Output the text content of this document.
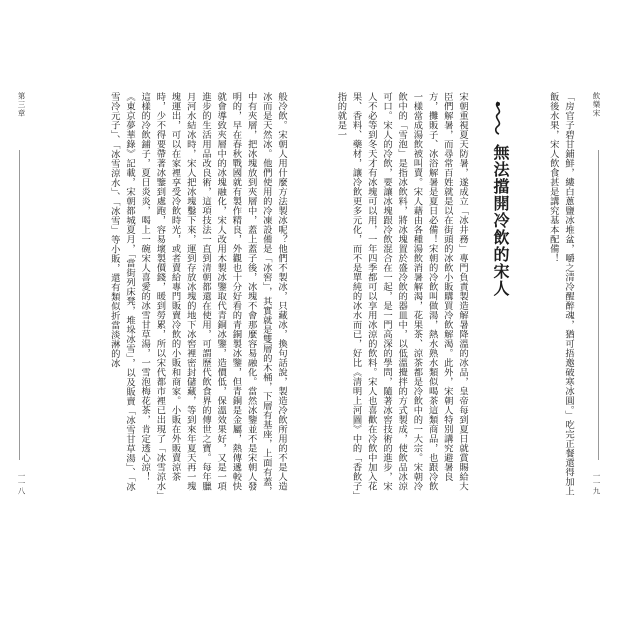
第三章
一一八	般冷飲。宋朝人用什麼方法製冰呢？他們不製冰，只藏冰，換句話說，製造冷飲所用的不是人造冰而是天然冰。他們使用的冷凍設備是「冰窖」，其實就是雙層的木桶，下層有基座，上面有蓋，中有夾層，把冰塊放到夾層中，蓋上蓋子後，冰塊不會那麼容易融化。當然冰鑒並不是宋朝人發明的，早在春秋戰國就有製作精良，外觀也十分好看的青銅製冰鑒，但青銅是金屬，熱傳遞較快就會導致夾層中的冰塊融化，宋人改用木製冰鑒取代青銅冰鑒，造價低，保溫效果好，又是一項進步的生活用品改良術，這項技法一直到清朝都還在使用，可謂歷代飲食界的傳世之寶。每年臘月河水結冰時，宋人把冰塊鑿下來，運到存放冰塊的地下冰窖裡密封儲藏，等到來年夏天再一塊塊運出，可以在家裡享受冷飲時光，或者賣給專門販賣冷飲的小販和商家。小販在外販賣涼茶時，少不得要帶著冰鑒到處跑，容易壞製價錢，暖到勞累，所以宋代都市裡已出現了「冰雪涼水」這樣的冷飲鋪子，夏日炎炎，喝上一碗宋人喜愛的冰雪甘草湯，一雪泡梅花茶，肯定透心涼！《東京夢華錄》記載，宋朝都城夏月，「當街列床凳，堆垛冰雪」，以及販賣「冰雪甘草湯」、「冰雪冷元子」、「冰雪涼水」、「冰雪」等小販，還有類似折當淡淋的冰	飲樂宋
一一九

「房官子碧甘鋪鮮，縷白蔥鹽冰堆盆，嚼之清冷醒醉魂，猶可捂邀破寒冰圓。」吃完正餐還得加上飯後水果，宋人飲食甚是講究基本配備！

無法擋開冷飲的宋人

宋朝重視夏天防暑，遂成立「冰井務」專門負責製造解暑降溫的冰品，皇帝每到夏日就賞賜給大臣們解暑，而尋常百姓就是以在街頭的冰飲小販購買冷飲解渴。此外，宋朝人特別講究避暑良方，攤販子、冰浴解暑是夏日必備！宋朝的冷飲叫做湯，熱水熟水類似喝茶這類商品，也跟冷飲一樣當成湯飲被叫賣。宋人藉由各種湯飲消暑解渴，花果茶、涼茶都是冷飲中的一大宗。宋朝冷飲中的「雪泡」是指冰飲料，將冰塊置於盛冷飲的器皿中，以低溫攪拌的方式製成，使飲品冰涼可口。宋人的冷飲，要讓冰塊跟冷飲混合在一起，是一門高深的學問，隨著冰窖技術的進步，宋人不必等到冬天才有冰塊可以用，一年四季都可以享用冰涼的飲料。宋人也喜歡在冷飲中加入花果、香料、藥材，讓冷飲更多元化，而不是單純的冰水而已，好比《清明上河圖》中的「香飲子」指的就是一
